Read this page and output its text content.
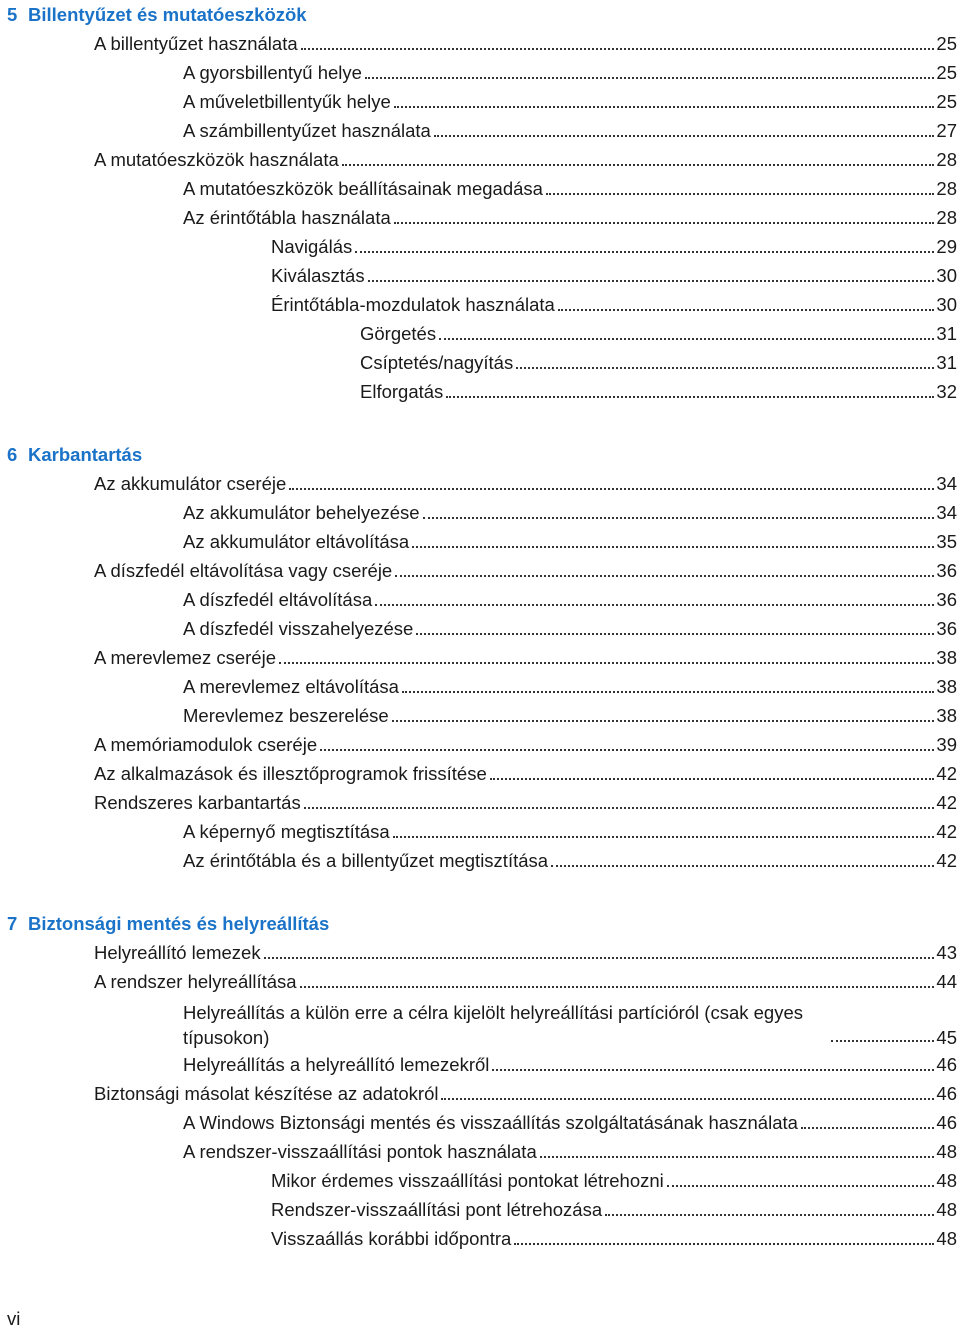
5 Billentyűzet és mutatóeszközök
A billentyűzet használata	25
A gyorsbillentyű helye	25
A műveletbillentyűk helye	25
A számbillentyűzet használata	27
A mutatóeszközök használata	28
A mutatóeszközök beállításainak megadása	28
Az érintőtábla használata	28
Navigálás	29
Kiválasztás	30
Érintőtábla-mozdulatok használata	30
Görgetés	31
Csíptetés/nagyítás	31
Elforgatás	32
6 Karbantartás
Az akkumulátor cseréje	34
Az akkumulátor behelyezése	34
Az akkumulátor eltávolítása	35
A díszfedél eltávolítása vagy cseréje	36
A díszfedél eltávolítása	36
A díszfedél visszahelyezése	36
A merevlemez cseréje	38
A merevlemez eltávolítása	38
Merevlemez beszerelése	38
A memóriamodulok cseréje	39
Az alkalmazások és illesztőprogramok frissítése	42
Rendszeres karbantartás	42
A képernyő megtisztítása	42
Az érintőtábla és a billentyűzet megtisztítása	42
7 Biztonsági mentés és helyreállítás
Helyreállító lemezek	43
A rendszer helyreállítása	44
Helyreállítás a külön erre a célra kijelölt helyreállítási partícióról (csak egyes típusokon)	45
Helyreállítás a helyreállító lemezekről	46
Biztonsági másolat készítése az adatokról	46
A Windows Biztonsági mentés és visszaállítás szolgáltatásának használata	46
A rendszer-visszaállítási pontok használata	48
Mikor érdemes visszaállítási pontokat létrehozni	48
Rendszer-visszaállítási pont létrehozása	48
Visszaállás korábbi időpontra	48
vi
